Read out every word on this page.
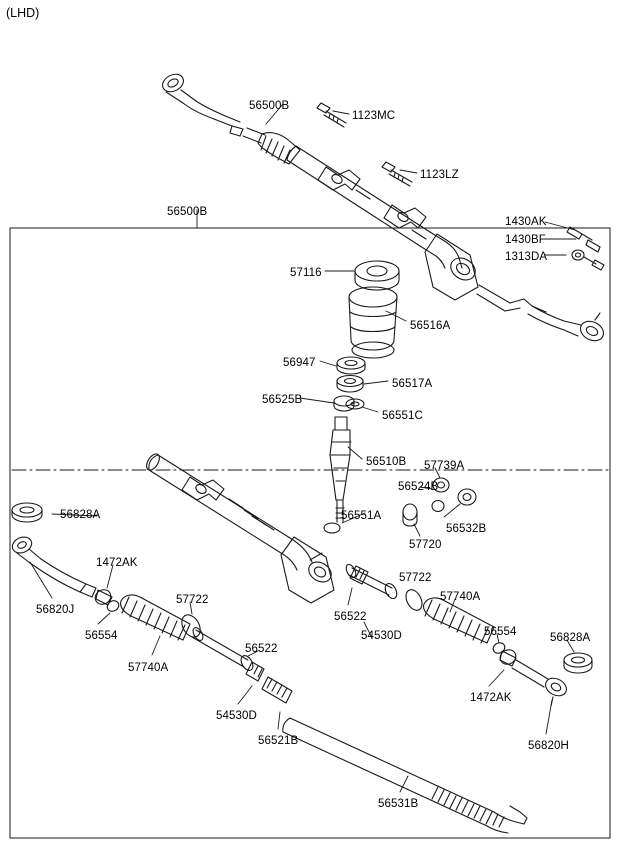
(LHD)
56500B
1123MC
1123LZ
56500B
1430AK
1430BF
1313DA
57116
56516A
56947
56517A
56525B
56551C
56510B 57739A
56524B
56828A	56551A
56532B
57720
1472AK
57722
56820J
57722
56522
57740A
56554	56554	56828A
56522
54530D
57740A
1472AK
54530D
56521B	56820H
56531B
